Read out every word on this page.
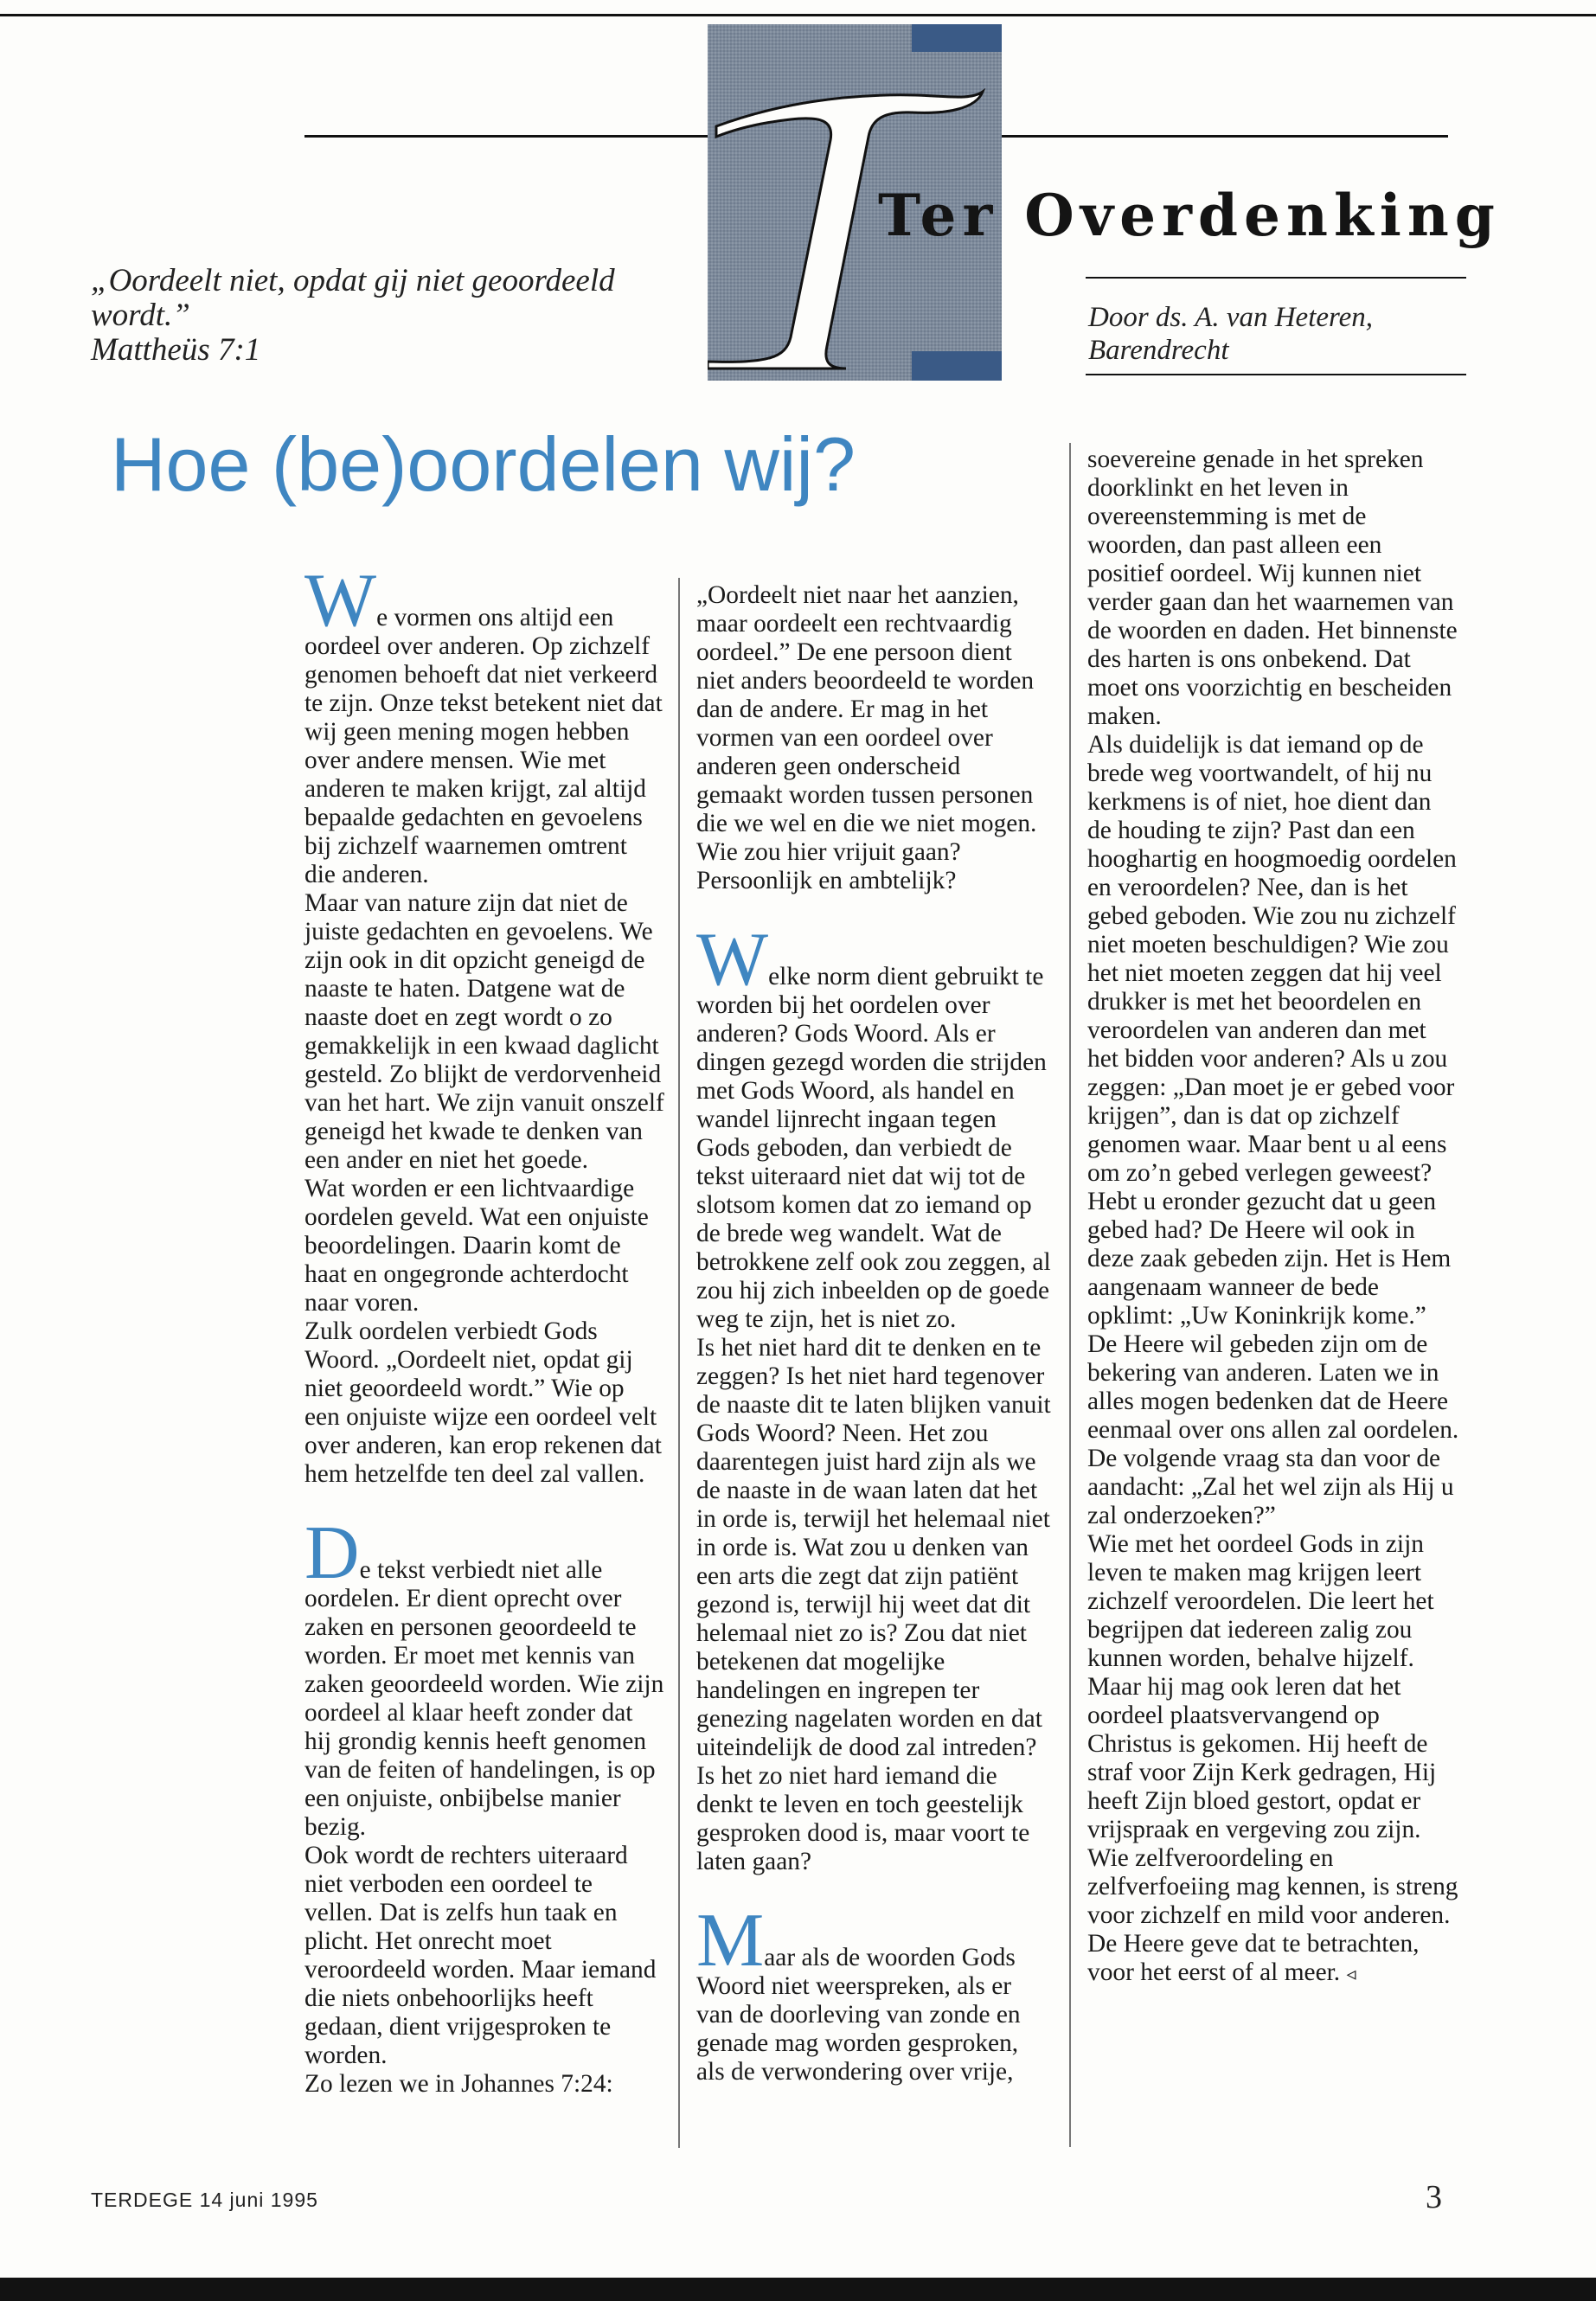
Ter Overdenking
„Oordeelt niet, opdat gij niet geoordeeld wordt.”
Mattheüs 7:1
Door ds. A. van Heteren, Barendrecht
Hoe (be)oordelen wij?

We vormen ons altijd een oordeel over anderen. Op zichzelf genomen behoeft dat niet verkeerd te zijn. Onze tekst betekent niet dat wij geen mening mogen hebben over andere mensen. Wie met anderen te maken krijgt, zal altijd bepaalde gedachten en gevoelens bij zichzelf waarnemen omtrent die anderen.

Maar van nature zijn dat niet de juiste gedachten en gevoelens. We zijn ook in dit opzicht geneigd de naaste te haten. Datgene wat de naaste doet en zegt wordt o zo gemakkelijk in een kwaad daglicht gesteld. Zo blijkt de verdorvenheid van het hart. We zijn vanuit onszelf geneigd het kwade te denken van een ander en niet het goede.

Wat worden er een lichtvaardige oordelen geveld. Wat een onjuiste beoordelingen. Daarin komt de haat en ongegronde achterdocht naar voren.

Zulk oordelen verbiedt Gods Woord. „Oordeelt niet, opdat gij niet geoordeeld wordt.” Wie op een onjuiste wijze een oordeel velt over anderen, kan erop rekenen dat hem hetzelfde ten deel zal vallen.

De tekst verbiedt niet alle oordelen. Er dient oprecht over zaken en personen geoordeeld te worden. Er moet met kennis van zaken geoordeeld worden. Wie zijn oordeel al klaar heeft zonder dat hij grondig kennis heeft genomen van de feiten of handelingen, is op een onjuiste, onbijbelse manier bezig.

Ook wordt de rechters uiteraard niet verboden een oordeel te vellen. Dat is zelfs hun taak en plicht. Het onrecht moet veroordeeld worden. Maar iemand die niets onbehoorlijks heeft gedaan, dient vrijgesproken te worden.

Zo lezen we in Johannes 7:24:

„Oordeelt niet naar het aanzien, maar oordeelt een rechtvaardig oordeel.” De ene persoon dient niet anders beoordeeld te worden dan de andere. Er mag in het vormen van een oordeel over anderen geen onderscheid gemaakt worden tussen personen die we wel en die we niet mogen. Wie zou hier vrijuit gaan? Persoonlijk en ambtelijk?

Welke norm dient gebruikt te worden bij het oordelen over anderen? Gods Woord. Als er dingen gezegd worden die strijden met Gods Woord, als handel en wandel lijnrecht ingaan tegen Gods geboden, dan verbiedt de tekst uiteraard niet dat wij tot de slotsom komen dat zo iemand op de brede weg wandelt. Wat de betrokkene zelf ook zou zeggen, al zou hij zich inbeelden op de goede weg te zijn, het is niet zo.

Is het niet hard dit te denken en te zeggen? Is het niet hard tegenover de naaste dit te laten blijken vanuit Gods Woord? Neen. Het zou daarentegen juist hard zijn als we de naaste in de waan laten dat het in orde is, terwijl het helemaal niet in orde is. Wat zou u denken van een arts die zegt dat zijn patiënt gezond is, terwijl hij weet dat dit helemaal niet zo is? Zou dat niet betekenen dat mogelijke handelingen en ingrepen ter genezing nagelaten worden en dat uiteindelijk de dood zal intreden? Is het zo niet hard iemand die denkt te leven en toch geestelijk gesproken dood is, maar voort te laten gaan?

Maar als de woorden Gods Woord niet weerspreken, als er van de doorleving van zonde en genade mag worden gesproken, als de verwondering over vrije,

soevereine genade in het spreken doorklinkt en het leven in overeenstemming is met de woorden, dan past alleen een positief oordeel. Wij kunnen niet verder gaan dan het waarnemen van de woorden en daden. Het binnenste des harten is ons onbekend. Dat moet ons voorzichtig en bescheiden maken.

Als duidelijk is dat iemand op de brede weg voortwandelt, of hij nu kerkmens is of niet, hoe dient dan de houding te zijn? Past dan een hooghartig en hoogmoedig oordelen en veroordelen? Nee, dan is het gebed geboden. Wie zou nu zichzelf niet moeten beschuldigen? Wie zou het niet moeten zeggen dat hij veel drukker is met het beoordelen en veroordelen van anderen dan met het bidden voor anderen? Als u zou zeggen: „Dan moet je er gebed voor krijgen”, dan is dat op zichzelf genomen waar. Maar bent u al eens om zo’n gebed verlegen geweest? Hebt u eronder gezucht dat u geen gebed had? De Heere wil ook in deze zaak gebeden zijn. Het is Hem aangenaam wanneer de bede opklimt: „Uw Koninkrijk kome.” De Heere wil gebeden zijn om de bekering van anderen. Laten we in alles mogen bedenken dat de Heere eenmaal over ons allen zal oordelen. De volgende vraag sta dan voor de aandacht: „Zal het wel zijn als Hij u zal onderzoeken?”

Wie met het oordeel Gods in zijn leven te maken mag krijgen leert zichzelf veroordelen. Die leert het begrijpen dat iedereen zalig zou kunnen worden, behalve hijzelf. Maar hij mag ook leren dat het oordeel plaatsvervangend op Christus is gekomen. Hij heeft de straf voor Zijn Kerk gedragen, Hij heeft Zijn bloed gestort, opdat er vrijspraak en vergeving zou zijn. Wie zelfveroordeling en zelfverfoeiing mag kennen, is streng voor zichzelf en mild voor anderen. De Heere geve dat te betrachten, voor het eerst of al meer. ◃

TERDEGE 14 juni 1995	3
